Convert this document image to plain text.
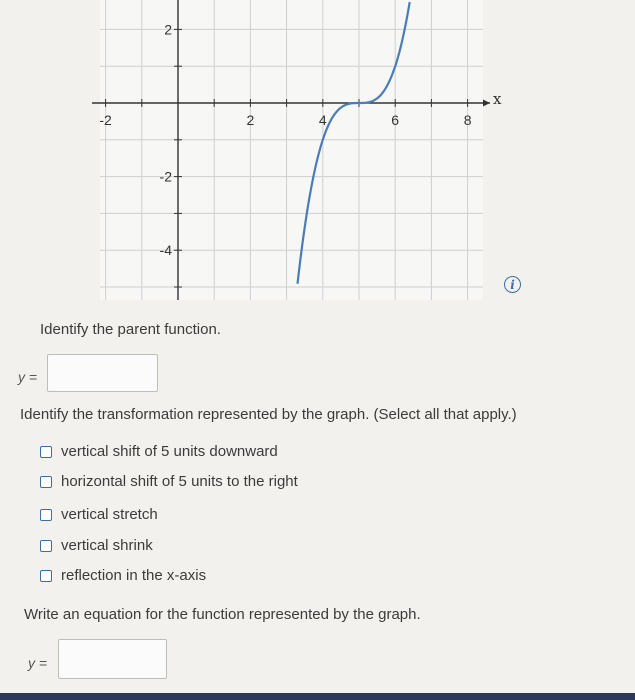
-2	2	4	6	8
2
-2
-4
x
i
Identify the parent function.
y =
Identify the transformation represented by the graph. (Select all that apply.)
vertical shift of 5 units downward
horizontal shift of 5 units to the right
vertical stretch
vertical shrink
reflection in the x-axis
Write an equation for the function represented by the graph.
y =
